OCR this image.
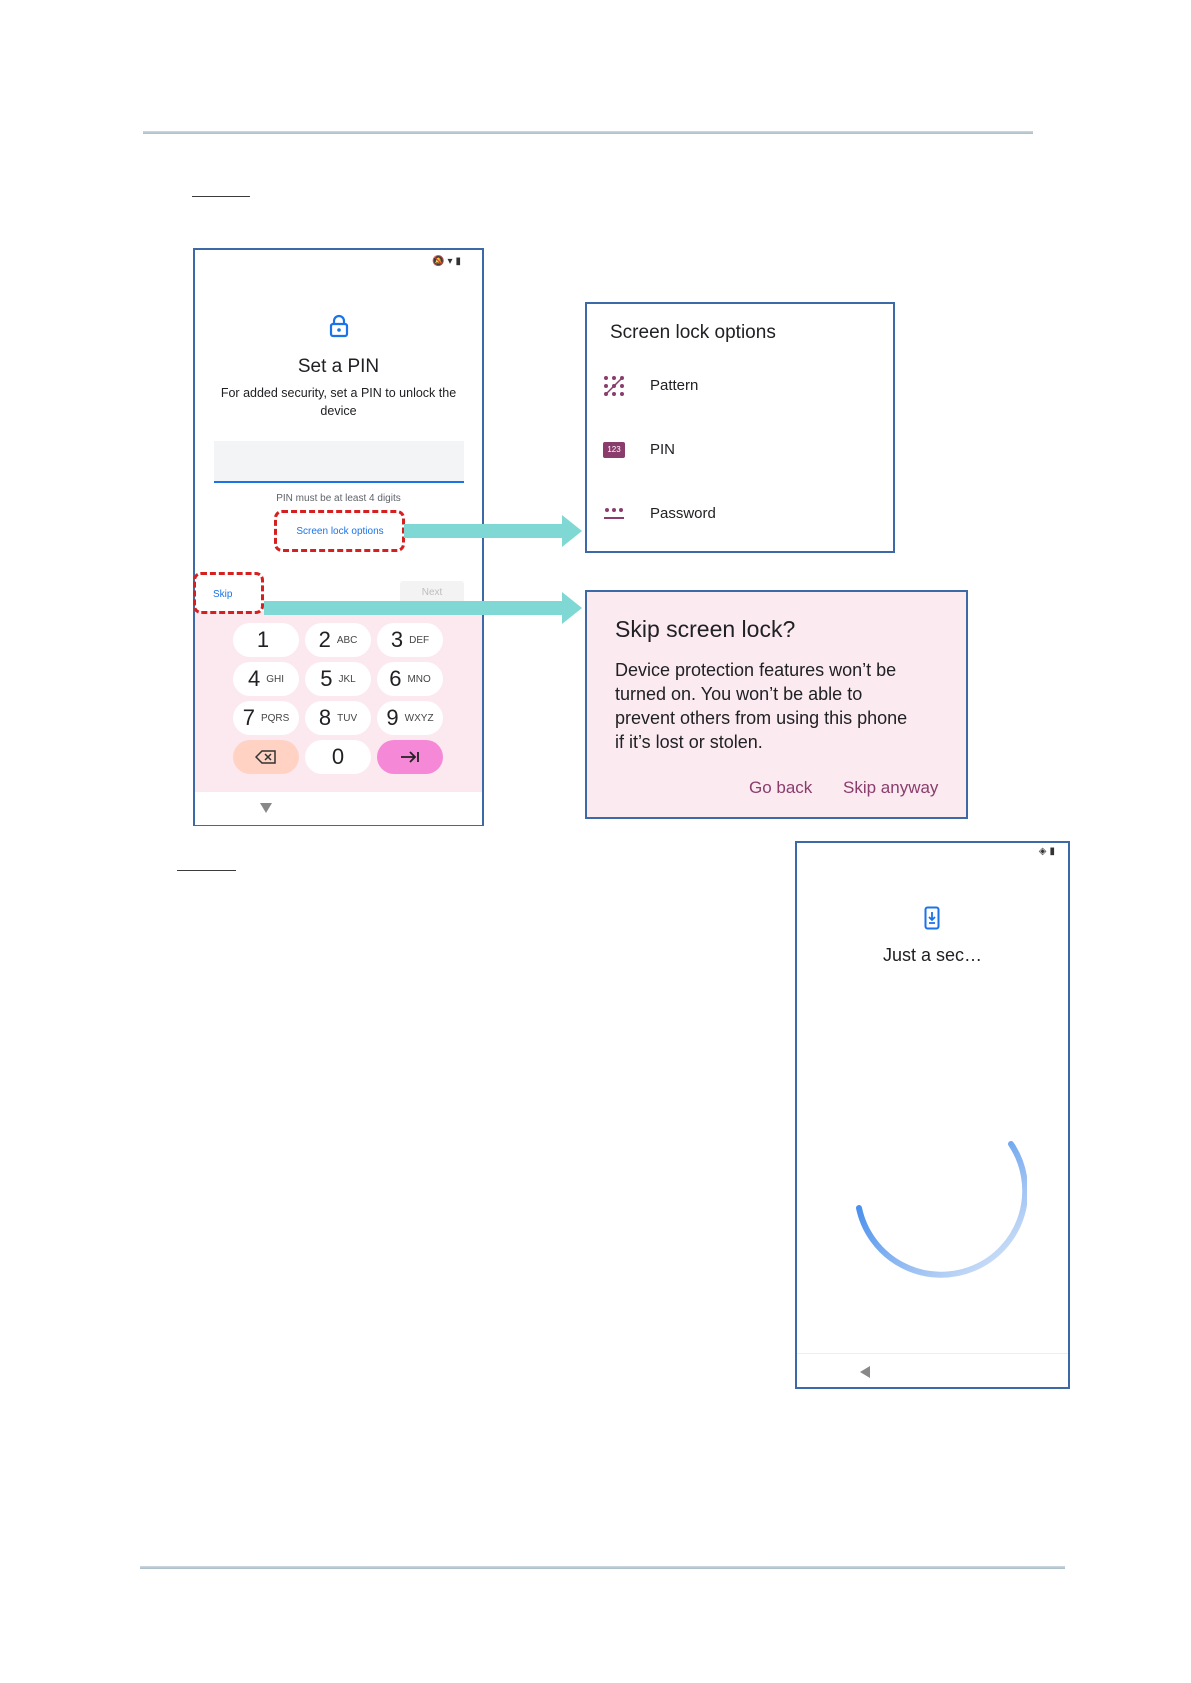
🔕▾▮
Set a PIN
For added security, set a PIN to unlock the device
PIN must be at least 4 digits
Screen lock options
Skip	Next
1 2 ABC 3 DEF
4 GHI 5 JKL 6 MNO
7 PQRS 8 TUV 9 WXYZ
0
Screen lock options
Pattern
123 PIN
Password
Skip screen lock?
Device protection features won’t be turned on. You won’t be able to prevent others from using this phone if it’s lost or stolen.
Go back Skip anyway
◈▮
Just a sec…
